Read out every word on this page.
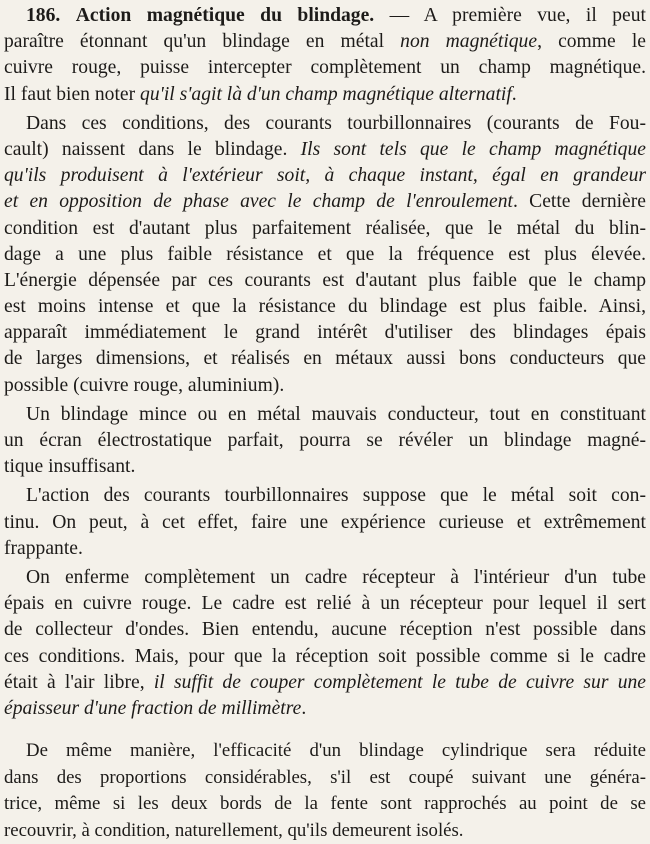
186. Action magnétique du blindage. — A première vue, il peut
paraître étonnant qu'un blindage en métal non magnétique, comme le
cuivre rouge, puisse intercepter complètement un champ magnétique.
Il faut bien noter qu'il s'agit là d'un champ magnétique alternatif.
Dans ces conditions, des courants tourbillonnaires (courants de Fou-
cault) naissent dans le blindage. Ils sont tels que le champ magnétique
qu'ils produisent à l'extérieur soit, à chaque instant, égal en grandeur
et en opposition de phase avec le champ de l'enroulement. Cette dernière
condition est d'autant plus parfaitement réalisée, que le métal du blin-
dage a une plus faible résistance et que la fréquence est plus élevée.
L'énergie dépensée par ces courants est d'autant plus faible que le champ
est moins intense et que la résistance du blindage est plus faible. Ainsi,
apparaît immédiatement le grand intérêt d'utiliser des blindages épais
de larges dimensions, et réalisés en métaux aussi bons conducteurs que
possible (cuivre rouge, aluminium).
Un blindage mince ou en métal mauvais conducteur, tout en constituant
un écran électrostatique parfait, pourra se révéler un blindage magné-
tique insuffisant.
L'action des courants tourbillonnaires suppose que le métal soit con-
tinu. On peut, à cet effet, faire une expérience curieuse et extrêmement
frappante.
On enferme complètement un cadre récepteur à l'intérieur d'un tube
épais en cuivre rouge. Le cadre est relié à un récepteur pour lequel il sert
de collecteur d'ondes. Bien entendu, aucune réception n'est possible dans
ces conditions. Mais, pour que la réception soit possible comme si le cadre
était à l'air libre, il suffit de couper complètement le tube de cuivre sur une
épaisseur d'une fraction de millimètre.
De même manière, l'efficacité d'un blindage cylindrique sera réduite
dans des proportions considérables, s'il est coupé suivant une généra-
trice, même si les deux bords de la fente sont rapprochés au point de se
recouvrir, à condition, naturellement, qu'ils demeurent isolés.
